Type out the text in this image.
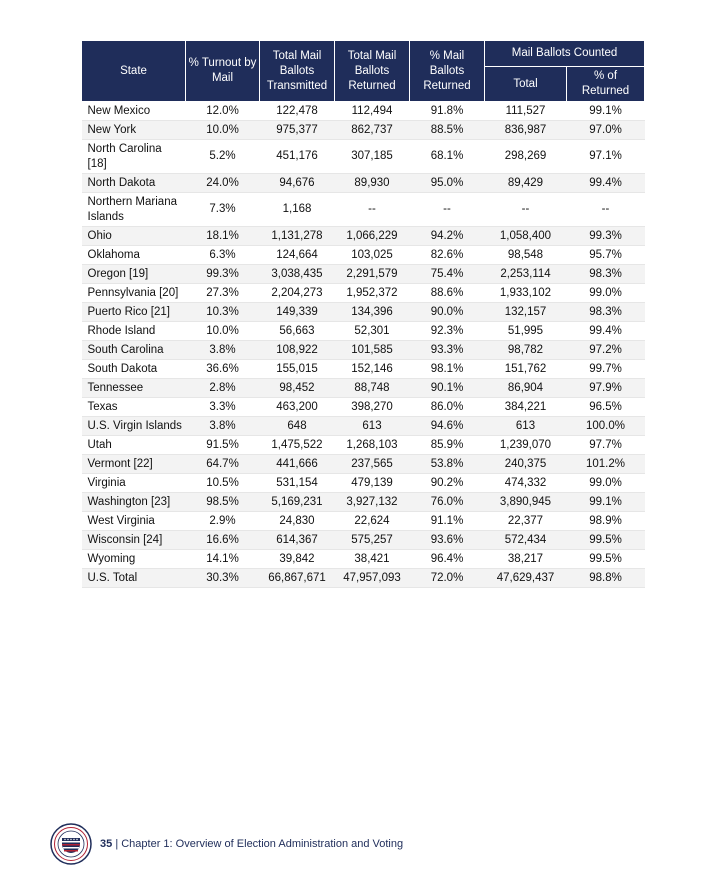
State	% Turnout by Mail	Total Mail Ballots Transmitted	Total Mail Ballots Returned	% Mail Ballots Returned	Mail Ballots Counted	
					Total	% of Returned
New Mexico	12.0%	122,478	112,494	91.8%	111,527	99.1%
New York	10.0%	975,377	862,737	88.5%	836,987	97.0%
North Carolina [18]	5.2%	451,176	307,185	68.1%	298,269	97.1%
North Dakota	24.0%	94,676	89,930	95.0%	89,429	99.4%
Northern Mariana Islands	7.3%	1,168	--	--	--	--
Ohio	18.1%	1,131,278	1,066,229	94.2%	1,058,400	99.3%
Oklahoma	6.3%	124,664	103,025	82.6%	98,548	95.7%
Oregon [19]	99.3%	3,038,435	2,291,579	75.4%	2,253,114	98.3%
Pennsylvania [20]	27.3%	2,204,273	1,952,372	88.6%	1,933,102	99.0%
Puerto Rico [21]	10.3%	149,339	134,396	90.0%	132,157	98.3%
Rhode Island	10.0%	56,663	52,301	92.3%	51,995	99.4%
South Carolina	3.8%	108,922	101,585	93.3%	98,782	97.2%
South Dakota	36.6%	155,015	152,146	98.1%	151,762	99.7%
Tennessee	2.8%	98,452	88,748	90.1%	86,904	97.9%
Texas	3.3%	463,200	398,270	86.0%	384,221	96.5%
U.S. Virgin Islands	3.8%	648	613	94.6%	613	100.0%
Utah	91.5%	1,475,522	1,268,103	85.9%	1,239,070	97.7%
Vermont [22]	64.7%	441,666	237,565	53.8%	240,375	101.2%
Virginia	10.5%	531,154	479,139	90.2%	474,332	99.0%
Washington [23]	98.5%	5,169,231	3,927,132	76.0%	3,890,945	99.1%
West Virginia	2.9%	24,830	22,624	91.1%	22,377	98.9%
Wisconsin [24]	16.6%	614,367	575,257	93.6%	572,434	99.5%
Wyoming	14.1%	39,842	38,421	96.4%	38,217	99.5%
U.S. Total	30.3%	66,867,671	47,957,093	72.0%	47,629,437	98.8%
35 | Chapter 1: Overview of Election Administration and Voting
